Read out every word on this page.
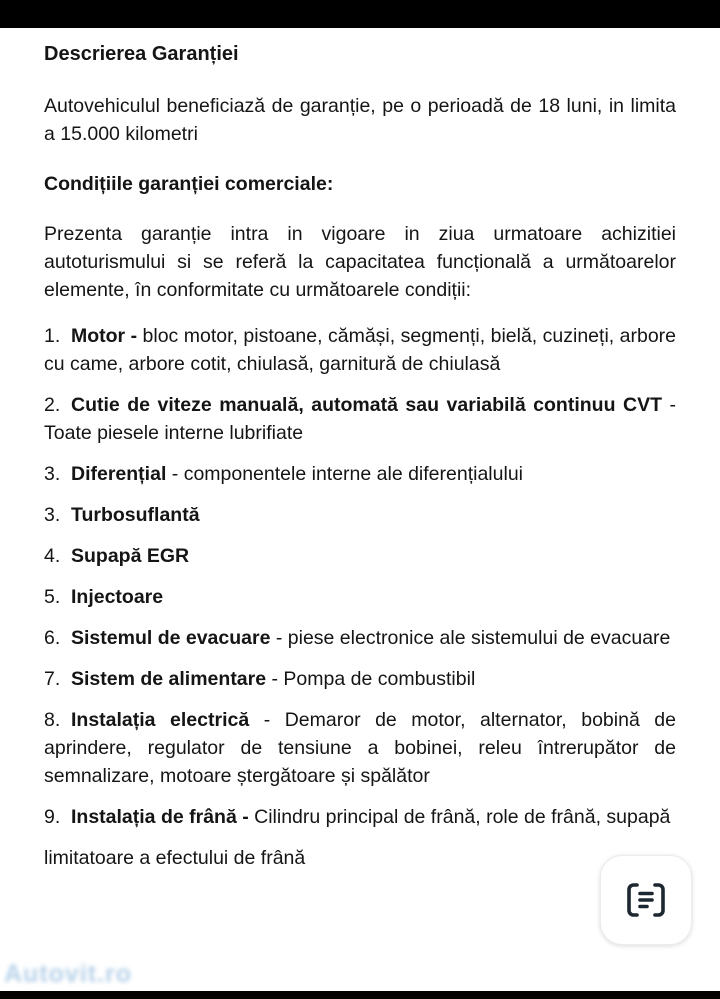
Descrierea Garanției

Autovehiculul beneficiază de garanție, pe o perioadă de 18 luni, in limita a 15.000 kilometri

Condițiile garanției comerciale:

Prezenta garanție intra in vigoare in ziua urmatoare achizitiei autoturismului si se referă la capacitatea funcțională a următoarelor elemente, în conformitate cu următoarele condiții:

1. Motor - bloc motor, pistoane, cămăși, segmenți, bielă, cuzineți, arbore cu came, arbore cotit, chiulasă, garnitură de chiulasă

2. Cutie de viteze manuală, automată sau variabilă continuu CVT - Toate piesele interne lubrifiate

3. Diferențial - componentele interne ale diferențialului

3. Turbosuflantă

4. Supapă EGR

5. Injectoare

6. Sistemul de evacuare - piese electronice ale sistemului de evacuare

7. Sistem de alimentare - Pompa de combustibil

8. Instalația electrică - Demaror de motor, alternator, bobină de aprindere, regulator de tensiune a bobinei, releu întrerupător de semnalizare, motoare ștergătoare și spălător

9. Instalația de frână - Cilindru principal de frână, role de frână, supapă

limitatoare a efectului de frână

Autovit.ro
